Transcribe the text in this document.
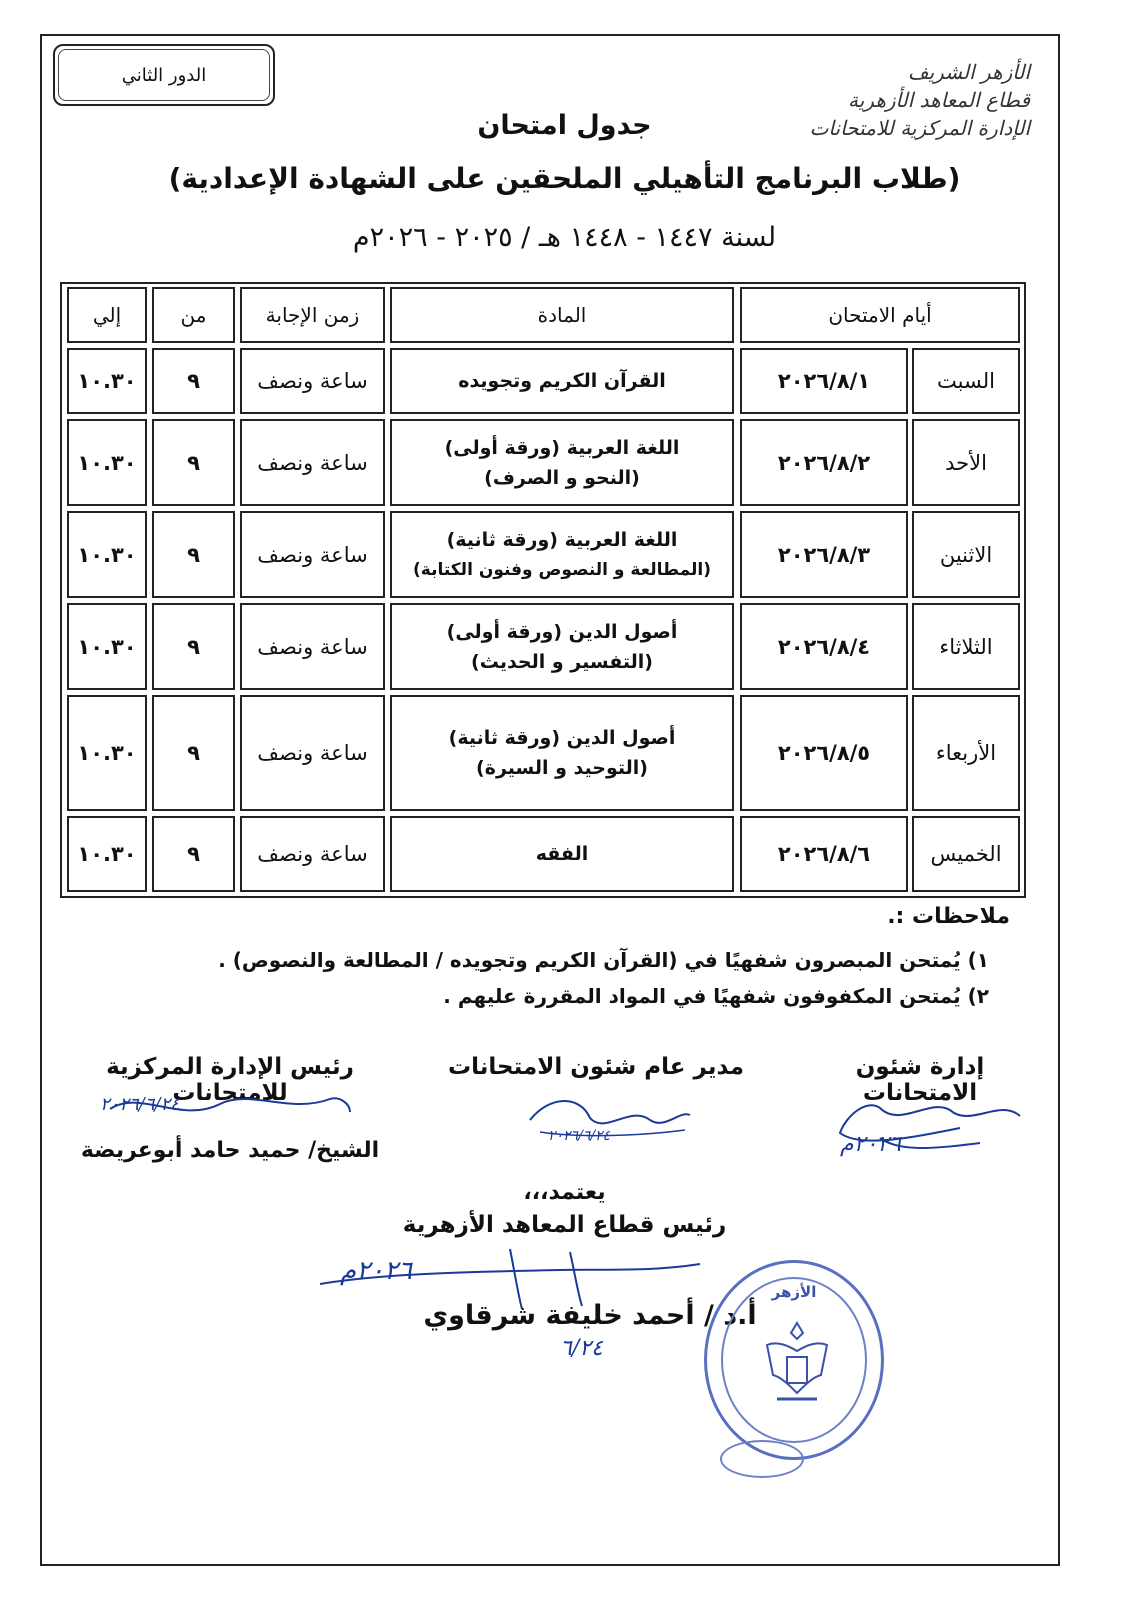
الدور الثاني	الأزهر الشريف
قطاع المعاهد الأزهرية
الإدارة المركزية للامتحانات
جدول امتحان
(طلاب البرنامج التأهيلي الملحقين على الشهادة الإعدادية)
لسنة ١٤٤٧ - ١٤٤٨ هـ / ٢٠٢٥ - ٢٠٢٦م
أيام الامتحان
المادة
زمن الإجابة
من
إلي
السبت
٢٠٢٦/٨/١
القرآن الكريم وتجويده
ساعة ونصف
٩
١٠.٣٠
الأحد
٢٠٢٦/٨/٢
اللغة العربية (ورقة أولى)
(النحو و الصرف)
ساعة ونصف
٩
١٠.٣٠
الاثنين
٢٠٢٦/٨/٣
اللغة العربية (ورقة ثانية)
(المطالعة و النصوص وفنون الكتابة)
ساعة ونصف
٩
١٠.٣٠
الثلاثاء
٢٠٢٦/٨/٤
أصول الدين (ورقة أولى)
(التفسير و الحديث)
ساعة ونصف
٩
١٠.٣٠
الأربعاء
٢٠٢٦/٨/٥
أصول الدين (ورقة ثانية)
(التوحيد و السيرة)
ساعة ونصف
٩
١٠.٣٠
الخميس
٢٠٢٦/٨/٦
الفقه
ساعة ونصف
٩
١٠.٣٠
ملاحظات :.
١) يُمتحن المبصرون شفهيًا في (القرآن الكريم وتجويده / المطالعة والنصوص) .
٢) يُمتحن المكفوفون شفهيًا في المواد المقررة عليهم .
إدارة شئون الامتحانات
مدير عام شئون الامتحانات
رئيس الإدارة المركزية للامتحانات
٢٠٢٦م
٢٠٢٦/٦/٢٤
٢٠٢٦/٦/٢٤
الشيخ/ حميد حامد أبوعريضة
يعتمد،،،
رئيس قطاع المعاهد الأزهرية
٢٠٢٦م
أ.د / أحمد خليفة شرقاوي
٦/٢٤
الأزهر
